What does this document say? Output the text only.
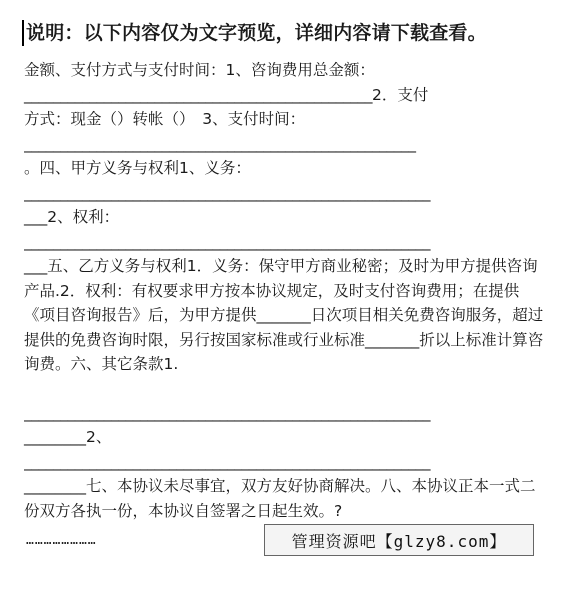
说明：以下内容仅为文字预览，详细内容请下载查看。

金额、支付方式与支付时间：1、咨询费用总金额：

________________________________________________2．支付

方式：现金（）转帐（）　3、支付时间：

______________________________________________________

。四、甲方义务与权利1、义务：

________________________________________________________

___2、权利：

________________________________________________________

___五、乙方义务与权利1．义务：保守甲方商业秘密；及时为甲方提供咨询产品.2．权利：有权要求甲方按本协议规定，及时支付咨询费用；在提供《项目咨询报告》后，为甲方提供_______日次项目相关免费咨询服务，超过提供的免费咨询时限，另行按国家标准或行业标准_______折以上标准计算咨询费。六、其它条款1.

________________________________________________________

________2、

________________________________________________________

________七、本协议未尽事宜，双方友好协商解决。八、本协议正本一式二份双方各执一份，本协议自签署之日起生效。?

……………………	管理资源吧【glzy8.com】
